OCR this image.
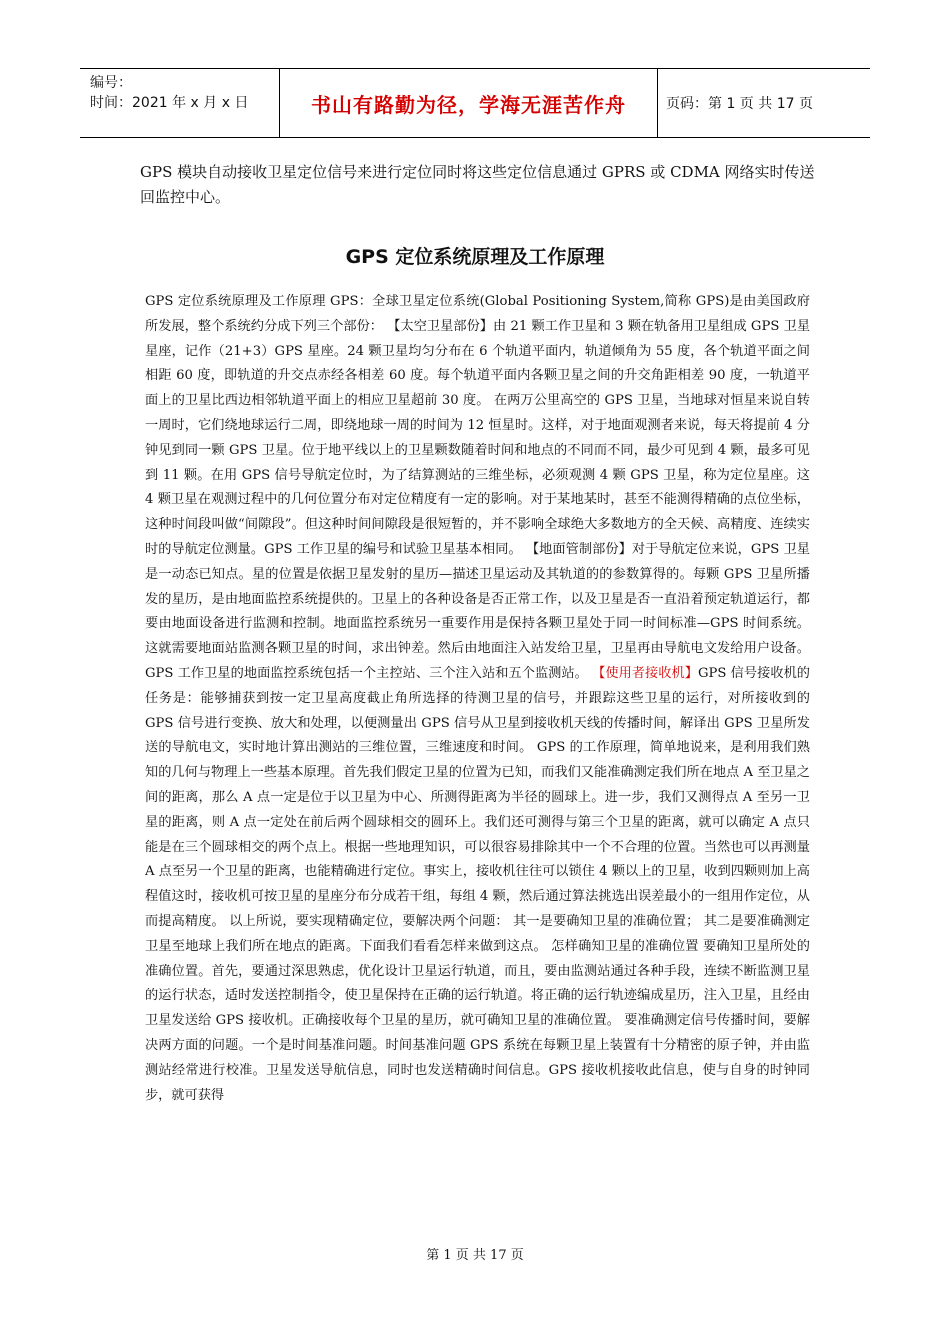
编号：
时间：2021 年 x 月 x 日	书山有路勤为径，学海无涯苦作舟	页码：第 1 页 共 17 页

GPS 模块自动接收卫星定位信号来进行定位同时将这些定位信息通过 GPRS 或 CDMA 网络实时传送回监控中心。

GPS 定位系统原理及工作原理

GPS 定位系统原理及工作原理 GPS：全球卫星定位系统(Global Positioning System,简称 GPS)是由美国政府所发展，整个系统约分成下列三个部份： 【太空卫星部份】由 21 颗工作卫星和 3 颗在轨备用卫星组成 GPS 卫星星座，记作（21+3）GPS 星座。24 颗卫星均匀分布在 6 个轨道平面内，轨道倾角为 55 度，各个轨道平面之间相距 60 度，即轨道的升交点赤经各相差 60 度。每个轨道平面内各颗卫星之间的升交角距相差 90 度，一轨道平面上的卫星比西边相邻轨道平面上的相应卫星超前 30 度。 在两万公里高空的 GPS 卫星，当地球对恒星来说自转一周时，它们绕地球运行二周，即绕地球一周的时间为 12 恒星时。这样，对于地面观测者来说，每天将提前 4 分钟见到同一颗 GPS 卫星。位于地平线以上的卫星颗数随着时间和地点的不同而不同，最少可见到 4 颗，最多可见到 11 颗。在用 GPS 信号导航定位时，为了结算测站的三维坐标，必须观测 4 颗 GPS 卫星，称为定位星座。这 4 颗卫星在观测过程中的几何位置分布对定位精度有一定的影响。对于某地某时，甚至不能测得精确的点位坐标，这种时间段叫做“间隙段”。但这种时间间隙段是很短暂的，并不影响全球绝大多数地方的全天候、高精度、连续实时的导航定位测量。GPS 工作卫星的编号和试验卫星基本相同。 【地面管制部份】对于导航定位来说，GPS 卫星是一动态已知点。星的位置是依据卫星发射的星历—描述卫星运动及其轨道的的参数算得的。每颗 GPS 卫星所播发的星历，是由地面监控系统提供的。卫星上的各种设备是否正常工作，以及卫星是否一直沿着预定轨道运行，都要由地面设备进行监测和控制。地面监控系统另一重要作用是保持各颗卫星处于同一时间标准—GPS 时间系统。这就需要地面站监测各颗卫星的时间，求出钟差。然后由地面注入站发给卫星，卫星再由导航电文发给用户设备。GPS 工作卫星的地面监控系统包括一个主控站、三个注入站和五个监测站。 【使用者接收机】GPS 信号接收机的任务是：能够捕获到按一定卫星高度截止角所选择的待测卫星的信号，并跟踪这些卫星的运行，对所接收到的 GPS 信号进行变换、放大和处理，以便测量出 GPS 信号从卫星到接收机天线的传播时间，解译出 GPS 卫星所发送的导航电文，实时地计算出测站的三维位置，三维速度和时间。 GPS 的工作原理，简单地说来，是利用我们熟知的几何与物理上一些基本原理。首先我们假定卫星的位置为已知，而我们又能准确测定我们所在地点 A 至卫星之间的距离，那么 A 点一定是位于以卫星为中心、所测得距离为半径的圆球上。进一步，我们又测得点 A 至另一卫星的距离，则 A 点一定处在前后两个圆球相交的圆环上。我们还可测得与第三个卫星的距离，就可以确定 A 点只能是在三个圆球相交的两个点上。根据一些地理知识，可以很容易排除其中一个不合理的位置。当然也可以再测量 A 点至另一个卫星的距离，也能精确进行定位。事实上，接收机往往可以锁住 4 颗以上的卫星，收到四颗则加上高程值这时，接收机可按卫星的星座分布分成若干组，每组 4 颗，然后通过算法挑选出误差最小的一组用作定位，从而提高精度。 以上所说，要实现精确定位，要解决两个问题： 其一是要确知卫星的准确位置； 其二是要准确测定卫星至地球上我们所在地点的距离。下面我们看看怎样来做到这点。 怎样确知卫星的准确位置 要确知卫星所处的准确位置。首先，要通过深思熟虑，优化设计卫星运行轨道，而且，要由监测站通过各种手段，连续不断监测卫星的运行状态，适时发送控制指令，使卫星保持在正确的运行轨道。将正确的运行轨迹编成星历，注入卫星，且经由卫星发送给 GPS 接收机。正确接收每个卫星的星历，就可确知卫星的准确位置。 要准确测定信号传播时间，要解决两方面的问题。一个是时间基准问题。时间基准问题 GPS 系统在每颗卫星上装置有十分精密的原子钟，并由监测站经常进行校准。卫星发送导航信息，同时也发送精确时间信息。GPS 接收机接收此信息，使与自身的时钟同步，就可获得

第 1 页 共 17 页
